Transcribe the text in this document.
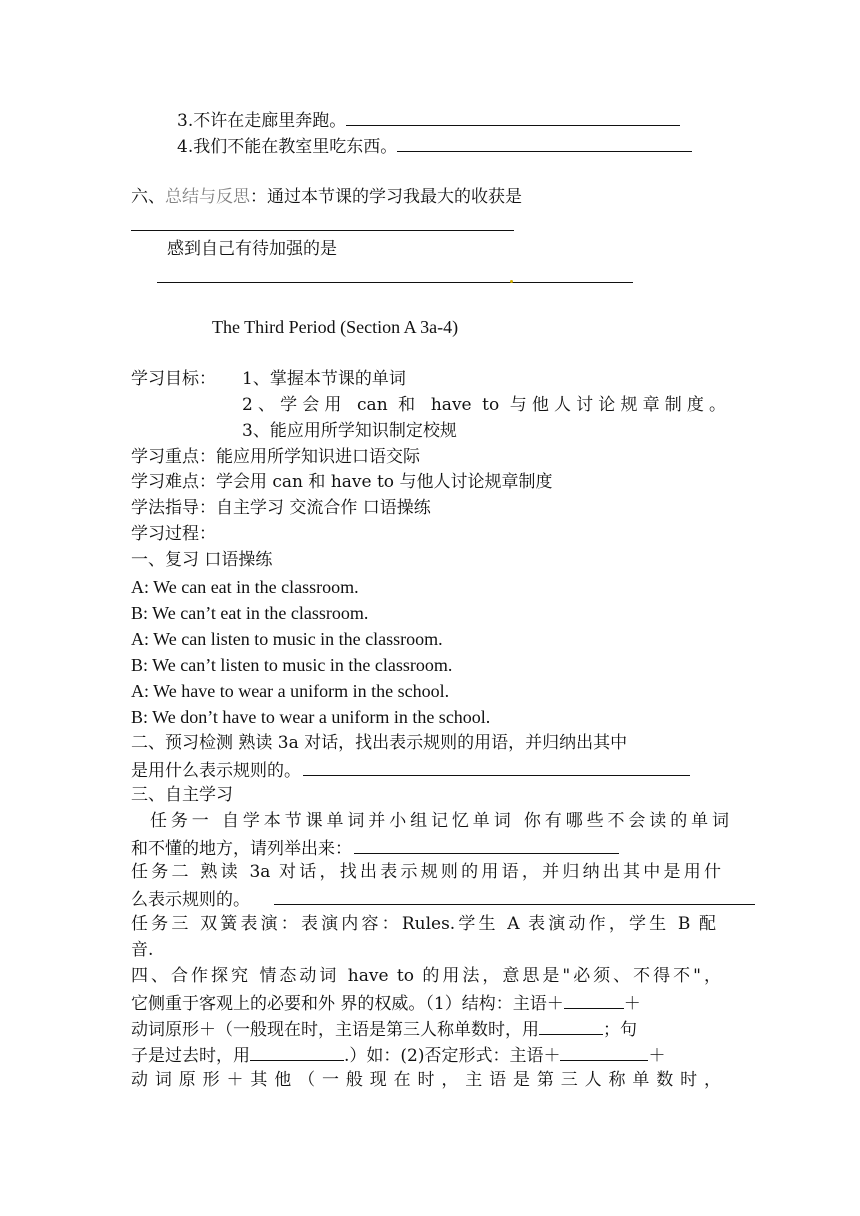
3.不许在走廊里奔跑。
4.我们不能在教室里吃东西。
六、总结与反思：通过本节课的学习我最大的收获是
感到自己有待加强的是
The Third Period (Section A 3a-4)
学习目标： 1、掌握本节课的单词
2、学会用 can 和 have to 与他人讨论规章制度。
3、能应用所学知识制定校规
学习重点：能应用所学知识进口语交际
学习难点：学会用 can 和 have to 与他人讨论规章制度
学法指导：自主学习 交流合作 口语操练
学习过程：
一、复习 口语操练
A: We can eat in the classroom.
B: We can’t eat in the classroom.
A: We can listen to music in the classroom.
B: We can’t listen to music in the classroom.
A: We have to wear a uniform in the school.
B: We don’t have to wear a uniform in the school.
二、预习检测 熟读 3a 对话，找出表示规则的用语，并归纳出其中
是用什么表示规则的。
三、自主学习
任务一 自学本节课单词并小组记忆单词 你有哪些不会读的单词
和不懂的地方，请列举出来：
任务二 熟读 3a 对话，找出表示规则的用语，并归纳出其中是用什
么表示规则的。
任务三 双簧表演：表演内容：Rules.学生 A 表演动作，学生 B 配
音.
四、合作探究 情态动词 have to 的用法，意思是"必须、不得不"，
它侧重于客观上的必要和外 界的权威。（1）结构：主语＋	＋
动词原形＋（一般现在时，主语是第三人称单数时，用	；句
子是过去时，用	.）如：(2)否定形式：主语＋	＋
动词原形＋其他（一般现在时，主语是第三人称单数时，
